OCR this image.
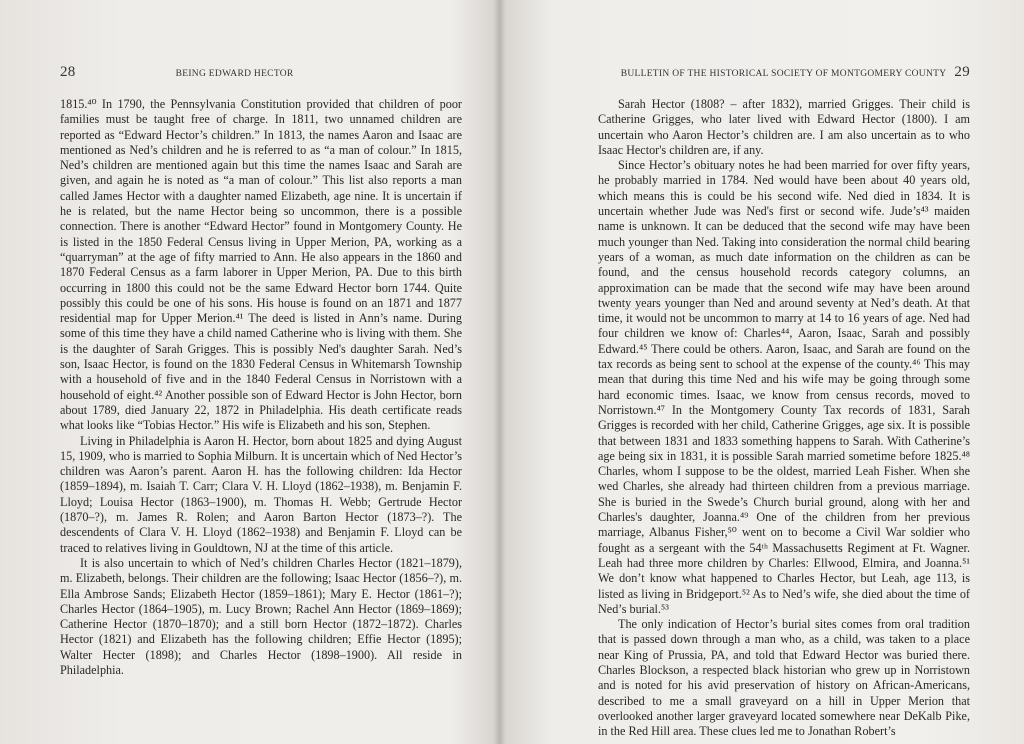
28	BEING EDWARD HECTOR

1815.⁴⁰ In 1790, the Pennsylvania Constitution provided that children of poor families must be taught free of charge. In 1811, two unnamed children are reported as “Edward Hector’s children.” In 1813, the names Aaron and Isaac are mentioned as Ned’s children and he is referred to as “a man of colour.” In 1815, Ned’s children are mentioned again but this time the names Isaac and Sarah are given, and again he is noted as “a man of colour.” This list also reports a man called James Hector with a daughter named Elizabeth, age nine. It is uncertain if he is related, but the name Hector being so uncommon, there is a possible connection. There is another “Edward Hector” found in Montgomery County. He is listed in the 1850 Federal Census living in Upper Merion, PA, working as a “quarryman” at the age of fifty married to Ann. He also appears in the 1860 and 1870 Federal Census as a farm laborer in Upper Merion, PA. Due to this birth occurring in 1800 this could not be the same Edward Hector born 1744. Quite possibly this could be one of his sons. His house is found on an 1871 and 1877 residential map for Upper Merion.⁴¹ The deed is listed in Ann’s name. During some of this time they have a child named Catherine who is living with them. She is the daughter of Sarah Grigges. This is possibly Ned's daughter Sarah. Ned’s son, Isaac Hector, is found on the 1830 Federal Census in Whitemarsh Township with a household of five and in the 1840 Federal Census in Norristown with a household of eight.⁴² Another possible son of Edward Hector is John Hector, born about 1789, died January 22, 1872 in Philadelphia. His death certificate reads what looks like “Tobias Hector.” His wife is Elizabeth and his son, Stephen.

Living in Philadelphia is Aaron H. Hector, born about 1825 and dying August 15, 1909, who is married to Sophia Milburn. It is uncertain which of Ned Hector’s children was Aaron’s parent. Aaron H. has the following children: Ida Hector (1859–1894), m. Isaiah T. Carr; Clara V. H. Lloyd (1862–1938), m. Benjamin F. Lloyd; Louisa Hector (1863–1900), m. Thomas H. Webb; Gertrude Hector (1870–?), m. James R. Rolen; and Aaron Barton Hector (1873–?). The descendents of Clara V. H. Lloyd (1862–1938) and Benjamin F. Lloyd can be traced to relatives living in Gouldtown, NJ at the time of this article.

It is also uncertain to which of Ned’s children Charles Hector (1821–1879), m. Elizabeth, belongs. Their children are the following; Isaac Hector (1856–?), m. Ella Ambrose Sands; Elizabeth Hector (1859–1861); Mary E. Hector (1861–?); Charles Hector (1864–1905), m. Lucy Brown; Rachel Ann Hector (1869–1869); Catherine Hector (1870–1870); and a still born Hector (1872–1872). Charles Hector (1821) and Elizabeth has the following children; Effie Hector (1895); Walter Hecter (1898); and Charles Hector (1898–1900). All reside in Philadelphia.

BULLETIN OF THE HISTORICAL SOCIETY OF MONTGOMERY COUNTY 29

Sarah Hector (1808? – after 1832), married Grigges. Their child is Catherine Grigges, who later lived with Edward Hector (1800). I am uncertain who Aaron Hector’s children are. I am also uncertain as to who Isaac Hector's children are, if any.

Since Hector’s obituary notes he had been married for over fifty years, he probably married in 1784. Ned would have been about 40 years old, which means this is could be his second wife. Ned died in 1834. It is uncertain whether Jude was Ned's first or second wife. Jude’s⁴³ maiden name is unknown. It can be deduced that the second wife may have been much younger than Ned. Taking into consideration the normal child bearing years of a woman, as much date information on the children as can be found, and the census household records category columns, an approximation can be made that the second wife may have been around twenty years younger than Ned and around seventy at Ned’s death. At that time, it would not be uncommon to marry at 14 to 16 years of age. Ned had four children we know of: Charles⁴⁴, Aaron, Isaac, Sarah and possibly Edward.⁴⁵ There could be others. Aaron, Isaac, and Sarah are found on the tax records as being sent to school at the expense of the county.⁴⁶ This may mean that during this time Ned and his wife may be going through some hard economic times. Isaac, we know from census records, moved to Norristown.⁴⁷ In the Montgomery County Tax records of 1831, Sarah Grigges is recorded with her child, Catherine Grigges, age six. It is possible that between 1831 and 1833 something happens to Sarah. With Catherine’s age being six in 1831, it is possible Sarah married sometime before 1825.⁴⁸ Charles, whom I suppose to be the oldest, married Leah Fisher. When she wed Charles, she already had thirteen children from a previous marriage. She is buried in the Swede’s Church burial ground, along with her and Charles's daughter, Joanna.⁴⁹ One of the children from her previous marriage, Albanus Fisher,⁵⁰ went on to become a Civil War soldier who fought as a sergeant with the 54ᵗʰ Massachusetts Regiment at Ft. Wagner. Leah had three more children by Charles: Ellwood, Elmira, and Joanna.⁵¹ We don’t know what happened to Charles Hector, but Leah, age 113, is listed as living in Bridgeport.⁵² As to Ned’s wife, she died about the time of Ned’s burial.⁵³

The only indication of Hector’s burial sites comes from oral tradition that is passed down through a man who, as a child, was taken to a place near King of Prussia, PA, and told that Edward Hector was buried there. Charles Blockson, a respected black historian who grew up in Norristown and is noted for his avid preservation of history on African-Americans, described to me a small graveyard on a hill in Upper Merion that overlooked another larger graveyard located somewhere near DeKalb Pike, in the Red Hill area. These clues led me to Jonathan Robert’s
